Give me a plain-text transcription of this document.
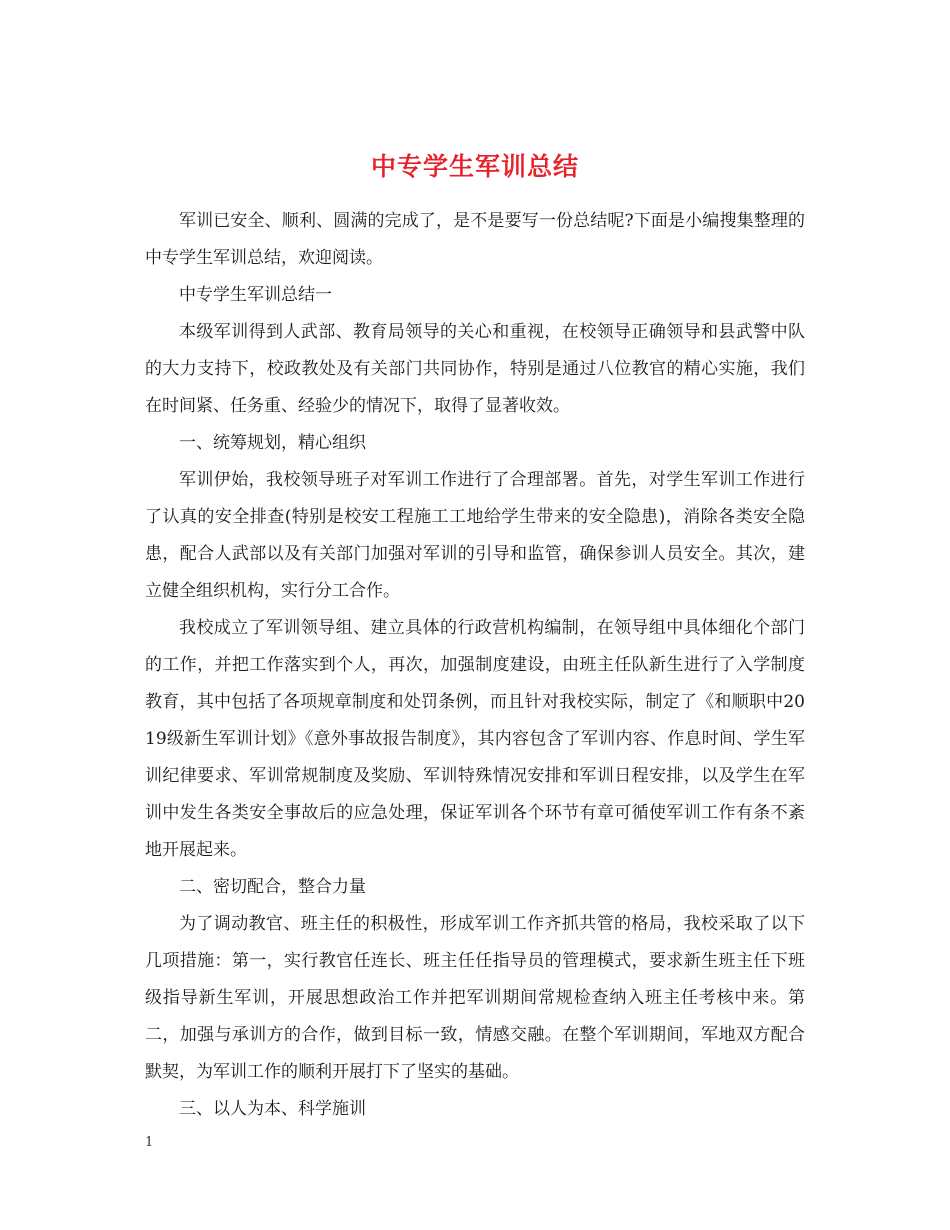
中专学生军训总结

军训已安全、顺利、圆满的完成了，是不是要写一份总结呢?下面是小编搜集整理的中专学生军训总结，欢迎阅读。

中专学生军训总结一

本级军训得到人武部、教育局领导的关心和重视，在校领导正确领导和县武警中队的大力支持下，校政教处及有关部门共同协作，特别是通过八位教官的精心实施，我们在时间紧、任务重、经验少的情况下，取得了显著收效。

一、统筹规划，精心组织

军训伊始，我校领导班子对军训工作进行了合理部署。首先，对学生军训工作进行了认真的安全排查(特别是校安工程施工工地给学生带来的安全隐患)，消除各类安全隐患，配合人武部以及有关部门加强对军训的引导和监管，确保参训人员安全。其次，建立健全组织机构，实行分工合作。

我校成立了军训领导组、建立具体的行政营机构编制，在领导组中具体细化个部门的工作，并把工作落实到个人，再次，加强制度建设，由班主任队新生进行了入学制度教育，其中包括了各项规章制度和处罚条例，而且针对我校实际，制定了《和顺职中2019级新生军训计划》《意外事故报告制度》，其内容包含了军训内容、作息时间、学生军训纪律要求、军训常规制度及奖励、军训特殊情况安排和军训日程安排，以及学生在军训中发生各类安全事故后的应急处理，保证军训各个环节有章可循使军训工作有条不紊地开展起来。

二、密切配合，整合力量

为了调动教官、班主任的积极性，形成军训工作齐抓共管的格局，我校采取了以下几项措施：第一，实行教官任连长、班主任任指导员的管理模式，要求新生班主任下班级指导新生军训，开展思想政治工作并把军训期间常规检查纳入班主任考核中来。第二，加强与承训方的合作，做到目标一致，情感交融。在整个军训期间，军地双方配合默契，为军训工作的顺利开展打下了坚实的基础。

三、以人为本、科学施训

1
